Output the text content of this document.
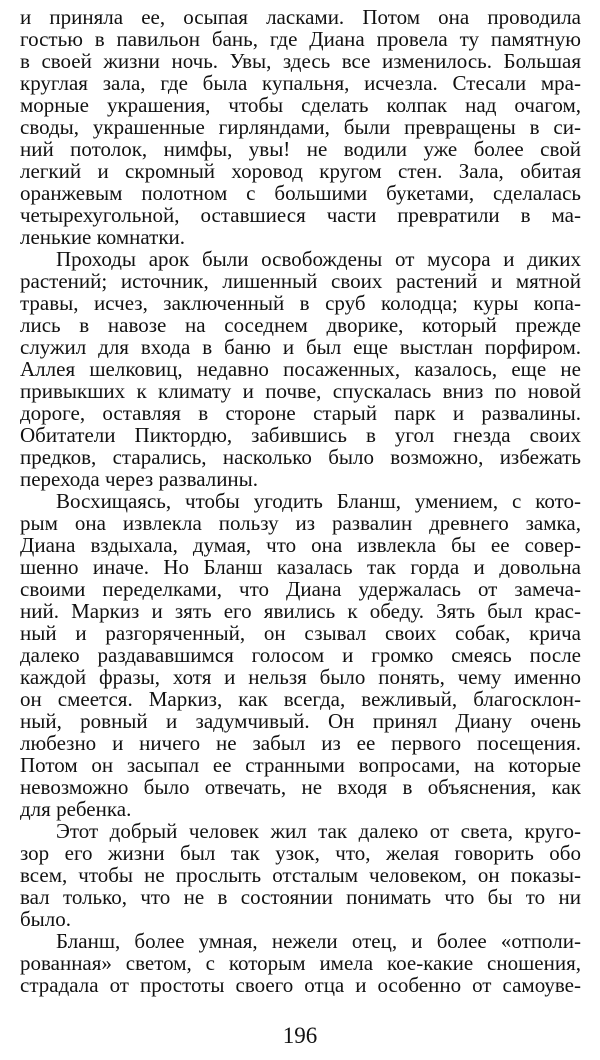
и приняла ее, осыпая ласками. Потом она проводила
гостью в павильон бань, где Диана провела ту памятную
в своей жизни ночь. Увы, здесь все изменилось. Большая
круглая зала, где была купальня, исчезла. Стесали мра-
морные украшения, чтобы сделать колпак над очагом,
своды, украшенные гирляндами, были превращены в си-
ний потолок, нимфы, увы! не водили уже более свой
легкий и скромный хоровод кругом стен. Зала, обитая
оранжевым полотном с большими букетами, сделалась
четырехугольной, оставшиеся части превратили в ма-
ленькие комнатки.
Проходы арок были освобождены от мусора и диких
растений; источник, лишенный своих растений и мятной
травы, исчез, заключенный в сруб колодца; куры копа-
лись в навозе на соседнем дворике, который прежде
служил для входа в баню и был еще выстлан порфиром.
Аллея шелковиц, недавно посаженных, казалось, еще не
привыкших к климату и почве, спускалась вниз по новой
дороге, оставляя в стороне старый парк и развалины.
Обитатели Пиктордю, забившись в угол гнезда своих
предков, старались, насколько было возможно, избежать
перехода через развалины.
Восхищаясь, чтобы угодить Бланш, умением, с кото-
рым она извлекла пользу из развалин древнего замка,
Диана вздыхала, думая, что она извлекла бы ее совер-
шенно иначе. Но Бланш казалась так горда и довольна
своими переделками, что Диана удержалась от замеча-
ний. Маркиз и зять его явились к обеду. Зять был крас-
ный и разгоряченный, он сзывал своих собак, крича
далеко раздававшимся голосом и громко смеясь после
каждой фразы, хотя и нельзя было понять, чему именно
он смеется. Маркиз, как всегда, вежливый, благосклон-
ный, ровный и задумчивый. Он принял Диану очень
любезно и ничего не забыл из ее первого посещения.
Потом он засыпал ее странными вопросами, на которые
невозможно было отвечать, не входя в объяснения, как
для ребенка.
Этот добрый человек жил так далеко от света, круго-
зор его жизни был так узок, что, желая говорить обо
всем, чтобы не прослыть отсталым человеком, он показы-
вал только, что не в состоянии понимать что бы то ни
было.
Бланш, более умная, нежели отец, и более «отполи-
рованная» светом, с которым имела кое-какие сношения,
страдала от простоты своего отца и особенно от самоуве-
196
